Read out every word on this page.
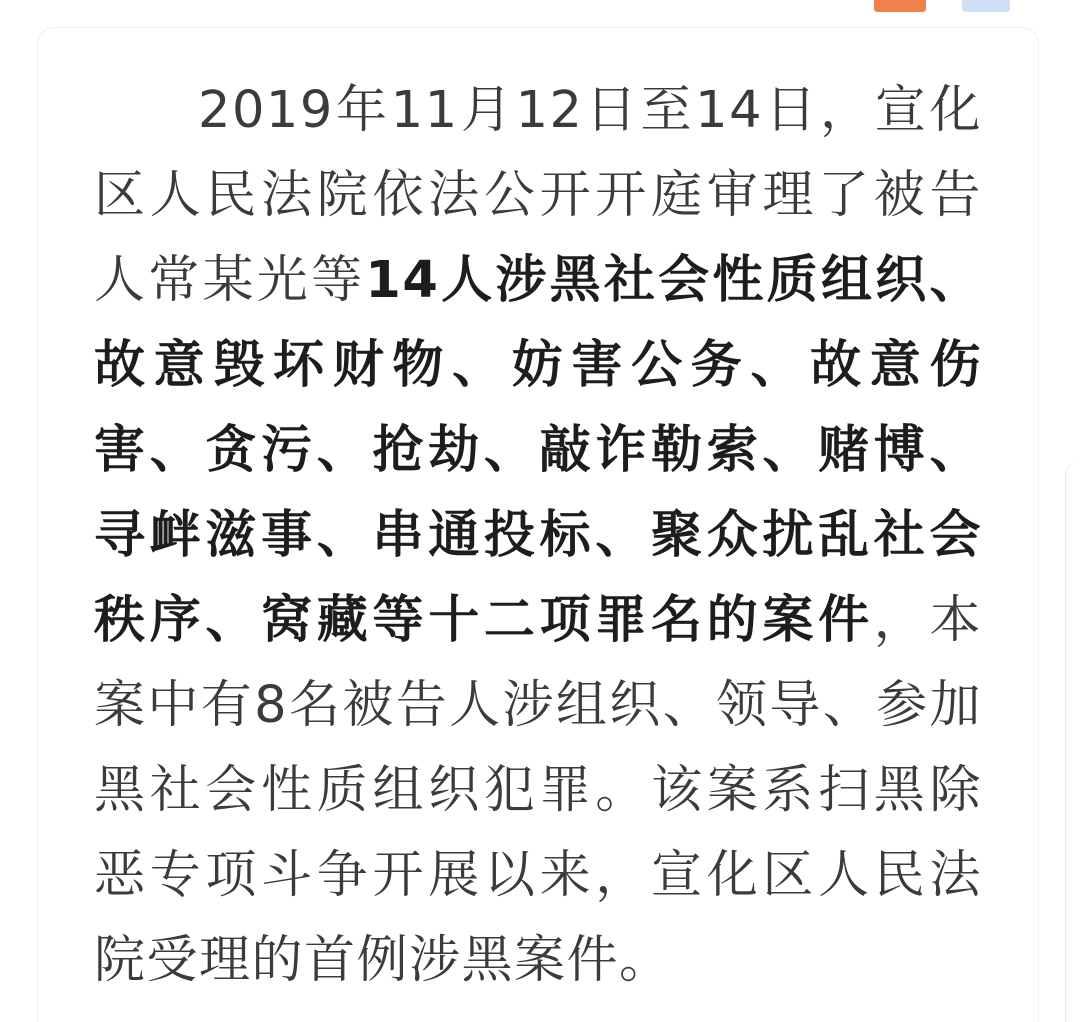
2019年11月12日至14日，宣化区人民法院依法公开开庭审理了被告人常某光等14人涉黑社会性质组织、故意毁坏财物、妨害公务、故意伤害、贪污、抢劫、敲诈勒索、赌博、寻衅滋事、串通投标、聚众扰乱社会秩序、窝藏等十二项罪名的案件，本案中有8名被告人涉组织、领导、参加黑社会性质组织犯罪。该案系扫黑除恶专项斗争开展以来，宣化区人民法院受理的首例涉黑案件。
